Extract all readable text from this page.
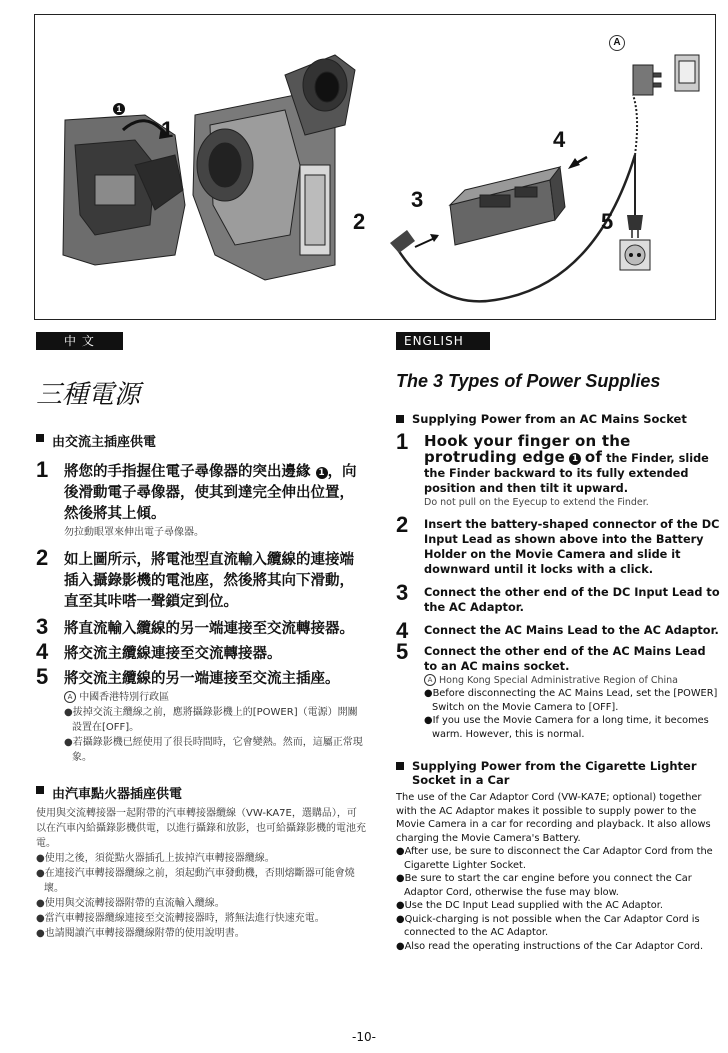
1
1
2
3
4
5
A
中 文
三種電源

由交流主插座供電

1 將您的手指握住電子尋像器的突出邊緣 1 ，向後滑動電子尋像器，使其到達完全伸出位置，然後將其上傾。
勿拉動眼罩來伸出電子尋像器。
2 如上圖所示，將電池型直流輸入纜線的連接端插入攝錄影機的電池座，然後將其向下滑動，直至其咔嗒一聲鎖定到位。
3 將直流輸入纜線的另一端連接至交流轉接器。
4 將交流主纜線連接至交流轉接器。
5 將交流主纜線的另一端連接至交流主插座。
A 中國香港特別行政區

●拔掉交流主纜線之前，應將攝錄影機上的[POWER]（電源）開關設置在[OFF]。

●若攝錄影機已經使用了很長時間時，它會變熱。然而，這屬正常現象。

由汽車點火器插座供電

使用與交流轉接器一起附帶的汽車轉接器纜線（VW-KA7E，選購品），可以在汽車內給攝錄影機供電，以進行攝錄和放影，也可給攝錄影機的電池充電。

●使用之後，須從點火器插孔上拔掉汽車轉接器纜線。

●在連接汽車轉接器纜線之前，須起動汽車發動機，否則熔斷器可能會燒壞。

●使用與交流轉接器附帶的直流輸入纜線。

●當汽車轉接器纜線連接至交流轉接器時，將無法進行快速充電。

●也請閱讀汽車轉接器纜線附帶的使用說明書。

ENGLISH
The 3 Types of Power Supplies

Supplying Power from an AC Mains Socket

1 Hook your finger on the protruding edge 1 of the Finder, slide the Finder backward to its fully extended position and then tilt it upward.
Do not pull on the Eyecup to extend the Finder.
2 Insert the battery-shaped connector of the DC Input Lead as shown above into the Battery Holder on the Movie Camera and slide it downward until it locks with a click.
3 Connect the other end of the DC Input Lead to the AC Adaptor.
4 Connect the AC Mains Lead to the AC Adaptor.
5 Connect the other end of the AC Mains Lead to an AC mains socket.
A Hong Kong Special Administrative Region of China

●Before disconnecting the AC Mains Lead, set the [POWER] Switch on the Movie Camera to [OFF].

●If you use the Movie Camera for a long time, it becomes warm. However, this is normal.

Supplying Power from the Cigarette Lighter Socket in a Car

The use of the Car Adaptor Cord (VW-KA7E; optional) together with the AC Adaptor makes it possible to supply power to the Movie Camera in a car for recording and playback. It also allows charging the Movie Camera's Battery.

●After use, be sure to disconnect the Car Adaptor Cord from the Cigarette Lighter Socket.

●Be sure to start the car engine before you connect the Car Adaptor Cord, otherwise the fuse may blow.

●Use the DC Input Lead supplied with the AC Adaptor.

●Quick-charging is not possible when the Car Adaptor Cord is connected to the AC Adaptor.

●Also read the operating instructions of the Car Adaptor Cord.

-10-
